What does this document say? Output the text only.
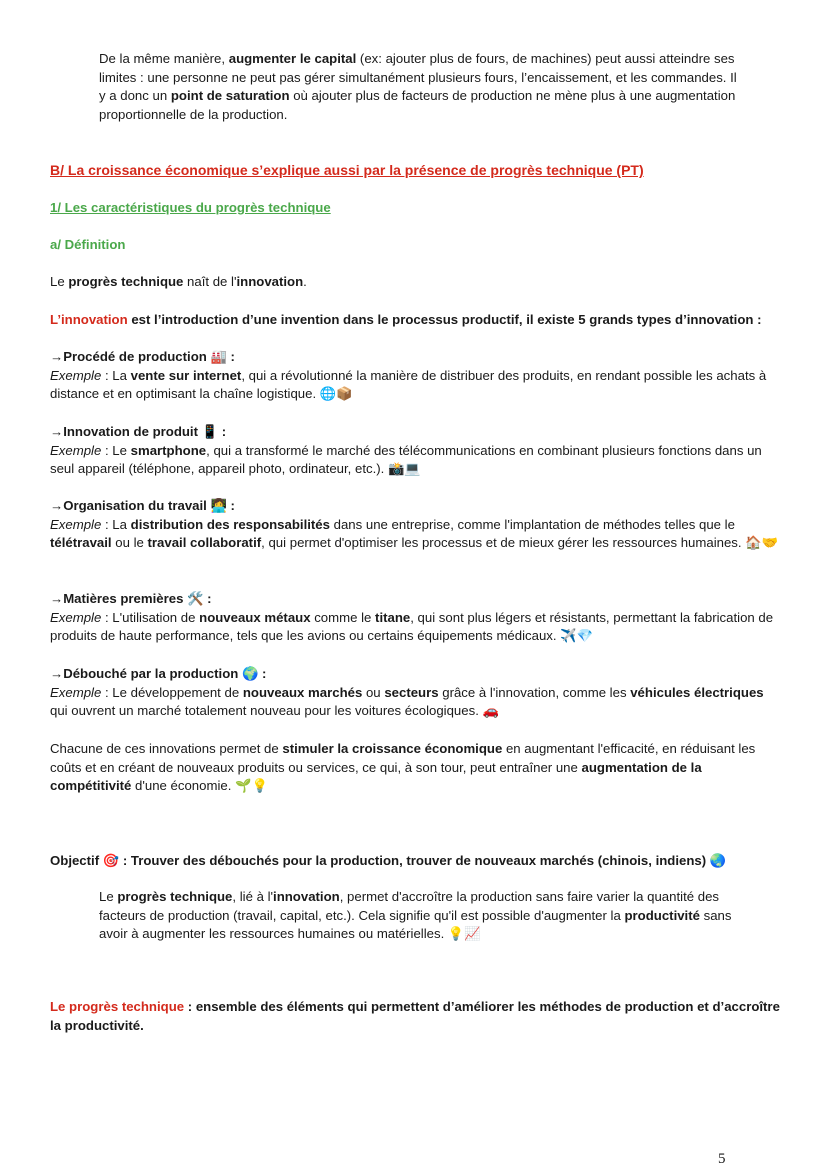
De la même manière, augmenter le capital (ex: ajouter plus de fours, de machines) peut aussi atteindre ses limites : une personne ne peut pas gérer simultanément plusieurs fours, l’encaissement, et les commandes. Il y a donc un point de saturation où ajouter plus de facteurs de production ne mène plus à une augmentation proportionnelle de la production.
B/ La croissance économique s’explique aussi par la présence de progrès technique (PT)
1/ Les caractéristiques du progrès technique
a/ Définition
Le progrès technique naît de l'innovation.
L’innovation est l’introduction d’une invention dans le processus productif, il existe 5 grands types d’innovation :
→Procédé de production 🏭 :
Exemple : La vente sur internet, qui a révolutionné la manière de distribuer des produits, en rendant possible les achats à distance et en optimisant la chaîne logistique. 🌐📦
→Innovation de produit 📱 :
Exemple : Le smartphone, qui a transformé le marché des télécommunications en combinant plusieurs fonctions dans un seul appareil (téléphone, appareil photo, ordinateur, etc.). 📸💻
→Organisation du travail 👩‍💻 :
Exemple : La distribution des responsabilités dans une entreprise, comme l'implantation de méthodes telles que le télétravail ou le travail collaboratif, qui permet d'optimiser les processus et de mieux gérer les ressources humaines. 🏠🤝
→Matières premières 🛠️ :
Exemple : L'utilisation de nouveaux métaux comme le titane, qui sont plus légers et résistants, permettant la fabrication de produits de haute performance, tels que les avions ou certains équipements médicaux. ✈️💎
→Débouché par la production 🌍 :
Exemple : Le développement de nouveaux marchés ou secteurs grâce à l'innovation, comme les véhicules électriques qui ouvrent un marché totalement nouveau pour les voitures écologiques. 🚗
Chacune de ces innovations permet de stimuler la croissance économique en augmentant l'efficacité, en réduisant les coûts et en créant de nouveaux produits ou services, ce qui, à son tour, peut entraîner une augmentation de la compétitivité d'une économie. 🌱💡
Objectif 🎯 : Trouver des débouchés pour la production, trouver de nouveaux marchés (chinois, indiens) 🌏
Le progrès technique, lié à l'innovation, permet d'accroître la production sans faire varier la quantité des facteurs de production (travail, capital, etc.). Cela signifie qu'il est possible d'augmenter la productivité sans avoir à augmenter les ressources humaines ou matérielles. 💡📈
Le progrès technique : ensemble des éléments qui permettent d’améliorer les méthodes de production et d’accroître la productivité.
5
